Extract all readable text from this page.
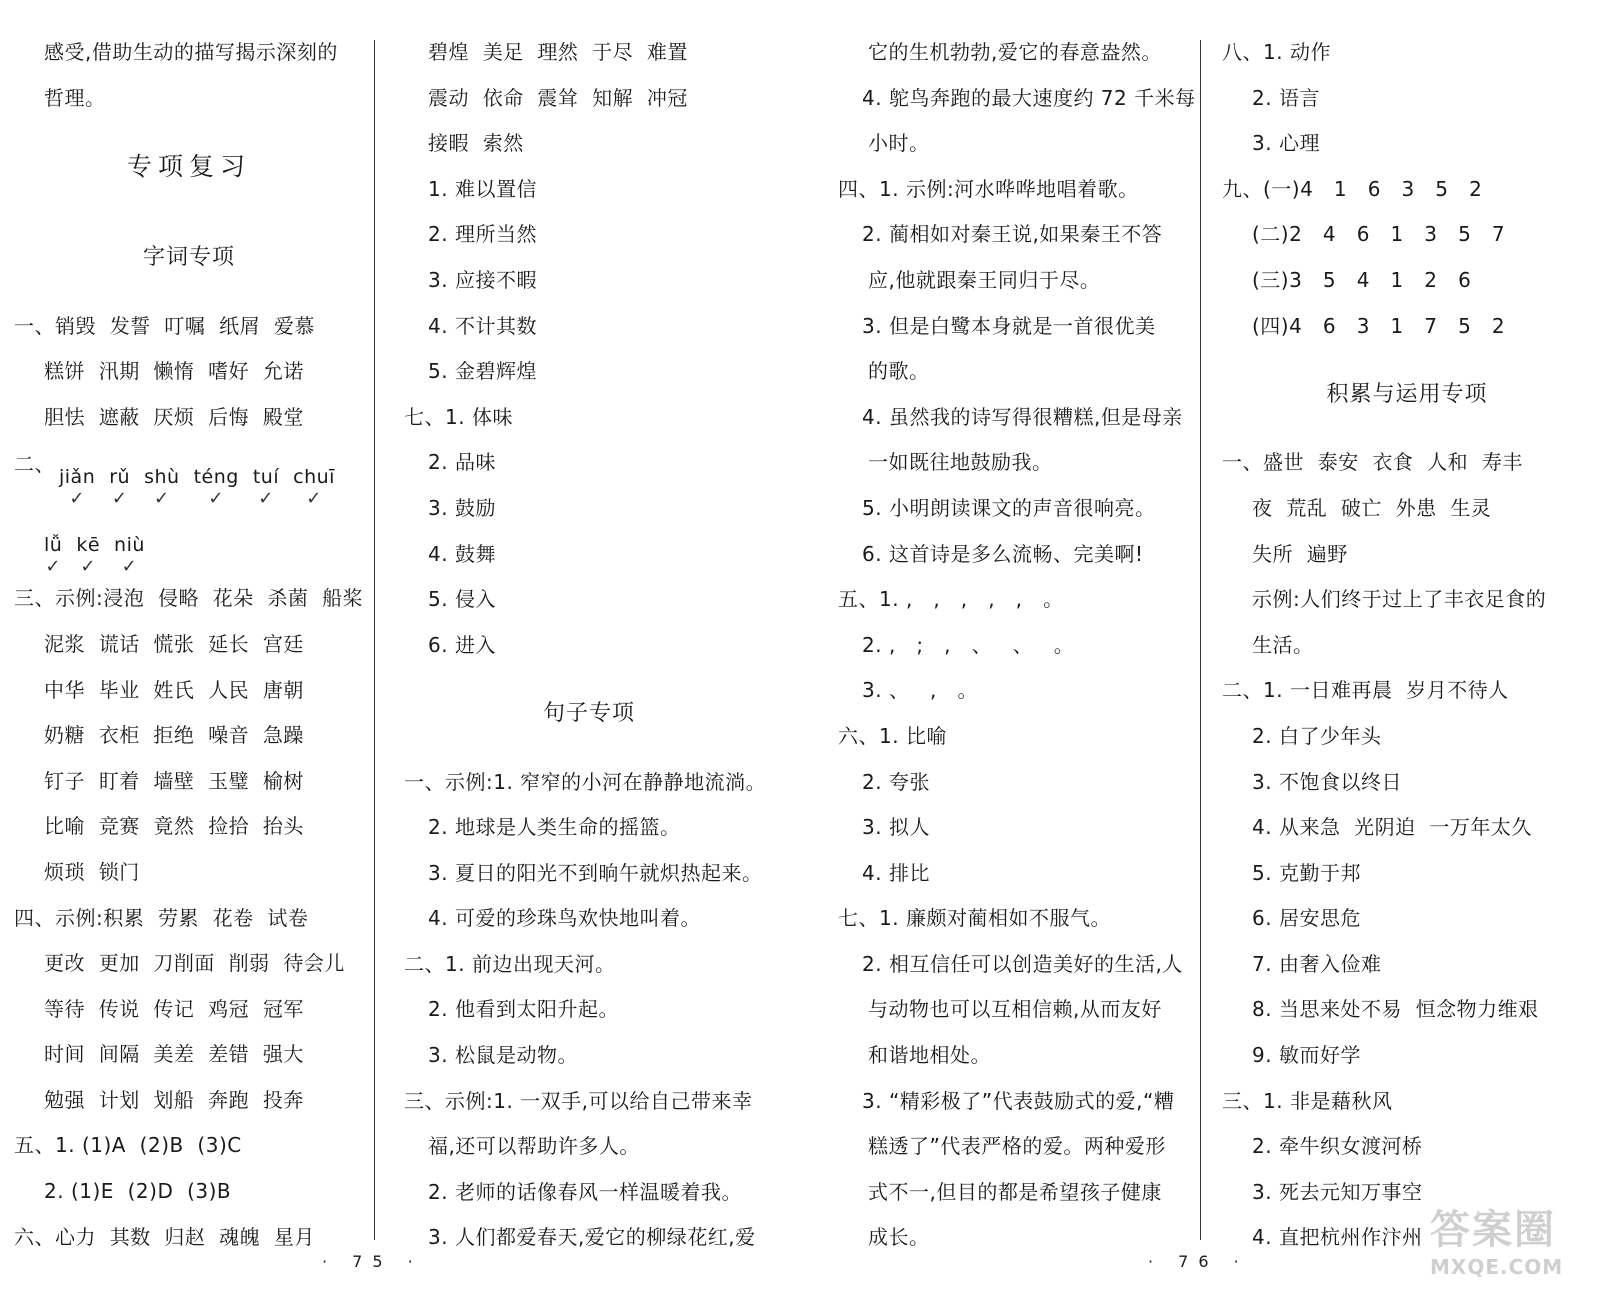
感受,借助生动的描写揭示深刻的
哲理。
专项复习
字词专项
一、销毁  发誓  叮嘱  纸屑  爱慕
糕饼  汛期  懒惰  嗜好  允诺
胆怯  遮蔽  厌烦  后悔  殿堂
二、
jiǎn
✓
rǔ
✓
shù
✓
téng
✓
tuí
✓
chuī
✓
lǚ
✓
kē
✓
niù
✓
三、示例:浸泡  侵略  花朵  杀菌  船桨
泥浆  谎话  慌张  延长  宫廷
中华  毕业  姓氏  人民  唐朝
奶糖  衣柜  拒绝  噪音  急躁
钉子  盯着  墙壁  玉璧  榆树
比喻  竞赛  竟然  捡拾  抬头
烦琐  锁门
四、示例:积累  劳累  花卷  试卷
更改  更加  刀削面  削弱  待会儿
等待  传说  传记  鸡冠  冠军
时间  间隔  美差  差错  强大
勉强  计划  划船  奔跑  投奔
五、1. (1)A  (2)B  (3)C
2. (1)E  (2)D  (3)B
六、心力  其数  归赵  魂魄  星月
碧煌  美足  理然  于尽  难置
震动  依命  震耸  知解  冲冠
接暇  索然
1. 难以置信
2. 理所当然
3. 应接不暇
4. 不计其数
5. 金碧辉煌
七、1. 体味
2. 品味
3. 鼓励
4. 鼓舞
5. 侵入
6. 进入
句子专项
一、示例:1. 窄窄的小河在静静地流淌。
2. 地球是人类生命的摇篮。
3. 夏日的阳光不到晌午就炽热起来。
4. 可爱的珍珠鸟欢快地叫着。
二、1. 前边出现天河。
2. 他看到太阳升起。
3. 松鼠是动物。
三、示例:1. 一双手,可以给自己带来幸
福,还可以帮助许多人。
2. 老师的话像春风一样温暖着我。
3. 人们都爱春天,爱它的柳绿花红,爱
它的生机勃勃,爱它的春意盎然。
4. 鸵鸟奔跑的最大速度约 72 千米每
小时。
四、1. 示例:河水哗哗地唱着歌。
2. 蔺相如对秦王说,如果秦王不答
应,他就跟秦王同归于尽。
3. 但是白鹭本身就是一首很优美
的歌。
4. 虽然我的诗写得很糟糕,但是母亲
一如既往地鼓励我。
5. 小明朗读课文的声音很响亮。
6. 这首诗是多么流畅、完美啊!
五、1. ,   ,   ,   ,   ,   。
2. ,   ;   ,   、   、   。
3. 、   ,   。
六、1. 比喻
2. 夸张
3. 拟人
4. 排比
七、1. 廉颇对蔺相如不服气。
2. 相互信任可以创造美好的生活,人
与动物也可以互相信赖,从而友好
和谐地相处。
3. “精彩极了”代表鼓励式的爱,“糟
糕透了”代表严格的爱。两种爱形
式不一,但目的都是希望孩子健康
成长。
八、1. 动作
2. 语言
3. 心理
九、(一)4   1   6   3   5   2
(二)2   4   6   1   3   5   7
(三)3   5   4   1   2   6
(四)4   6   3   1   7   5   2
积累与运用专项
一、盛世  泰安  衣食  人和  寿丰
夜  荒乱  破亡  外患  生灵
失所  遍野
示例:人们终于过上了丰衣足食的
生活。
二、1. 一日难再晨  岁月不待人
2. 白了少年头
3. 不饱食以终日
4. 从来急  光阴迫  一万年太久
5. 克勤于邦
6. 居安思危
7. 由奢入俭难
8. 当思来处不易  恒念物力维艰
9. 敏而好学
三、1. 非是藉秋风
2. 牵牛织女渡河桥
3. 死去元知万事空
4. 直把杭州作汴州
· 75 ·	· 76 ·
答案圈
MXQE.COM
